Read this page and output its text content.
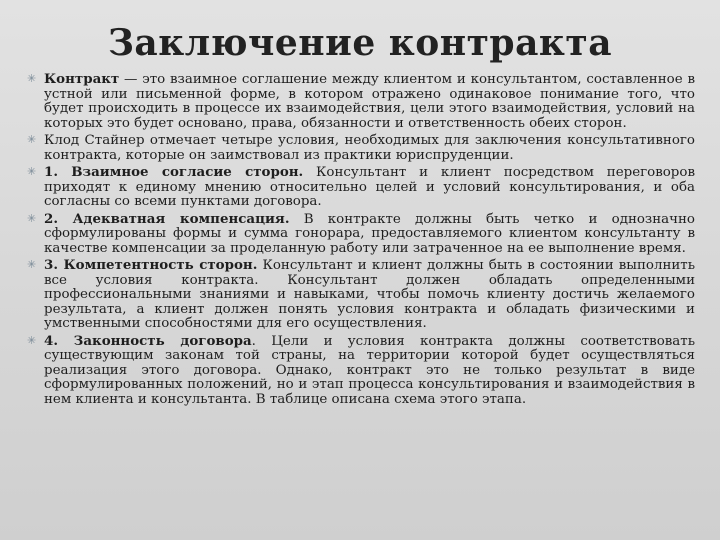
Заключение контракта
✳ Контракт — это взаимное соглашение между клиентом и консультантом, составленное в устной или письменной форме, в котором отражено одинаковое понимание того, что будет происходить в процессе их взаимодействия, цели этого взаимодействия, условий на которых это будет основано, права, обязанности и ответственность обеих сторон.
✳ Клод Стайнер отмечает четыре условия, необходимых для заключения консультативного контракта, которые он заимствовал из практики юриспруденции.
✳ 1. Взаимное согласие сторон. Консультант и клиент посредством переговоров приходят к единому мнению относительно целей и условий консультирования, и оба согласны со всеми пунктами договора.
✳ 2. Адекватная компенсация. В контракте должны быть четко и однозначно сформулированы формы и сумма гонорара, предоставляемого клиентом консультанту в качестве компенсации за проделанную работу или затраченное на ее выполнение время.
✳ 3. Компетентность сторон. Консультант и клиент должны быть в состоянии выполнить все условия контракта. Консультант должен обладать определенными профессиональными знаниями и навыками, чтобы помочь клиенту достичь желаемого результата, а клиент должен понять условия контракта и обладать физическими и умственными способностями для его осуществления.
✳ 4. Законность договора. Цели и условия контракта должны соответствовать существующим законам той страны, на территории которой будет осуществляться реализация этого договора. Однако, контракт это не только результат в виде сформулированных положений, но и этап процесса консультирования и взаимодействия в нем клиента и консультанта. В таблице описана схема этого этапа.
